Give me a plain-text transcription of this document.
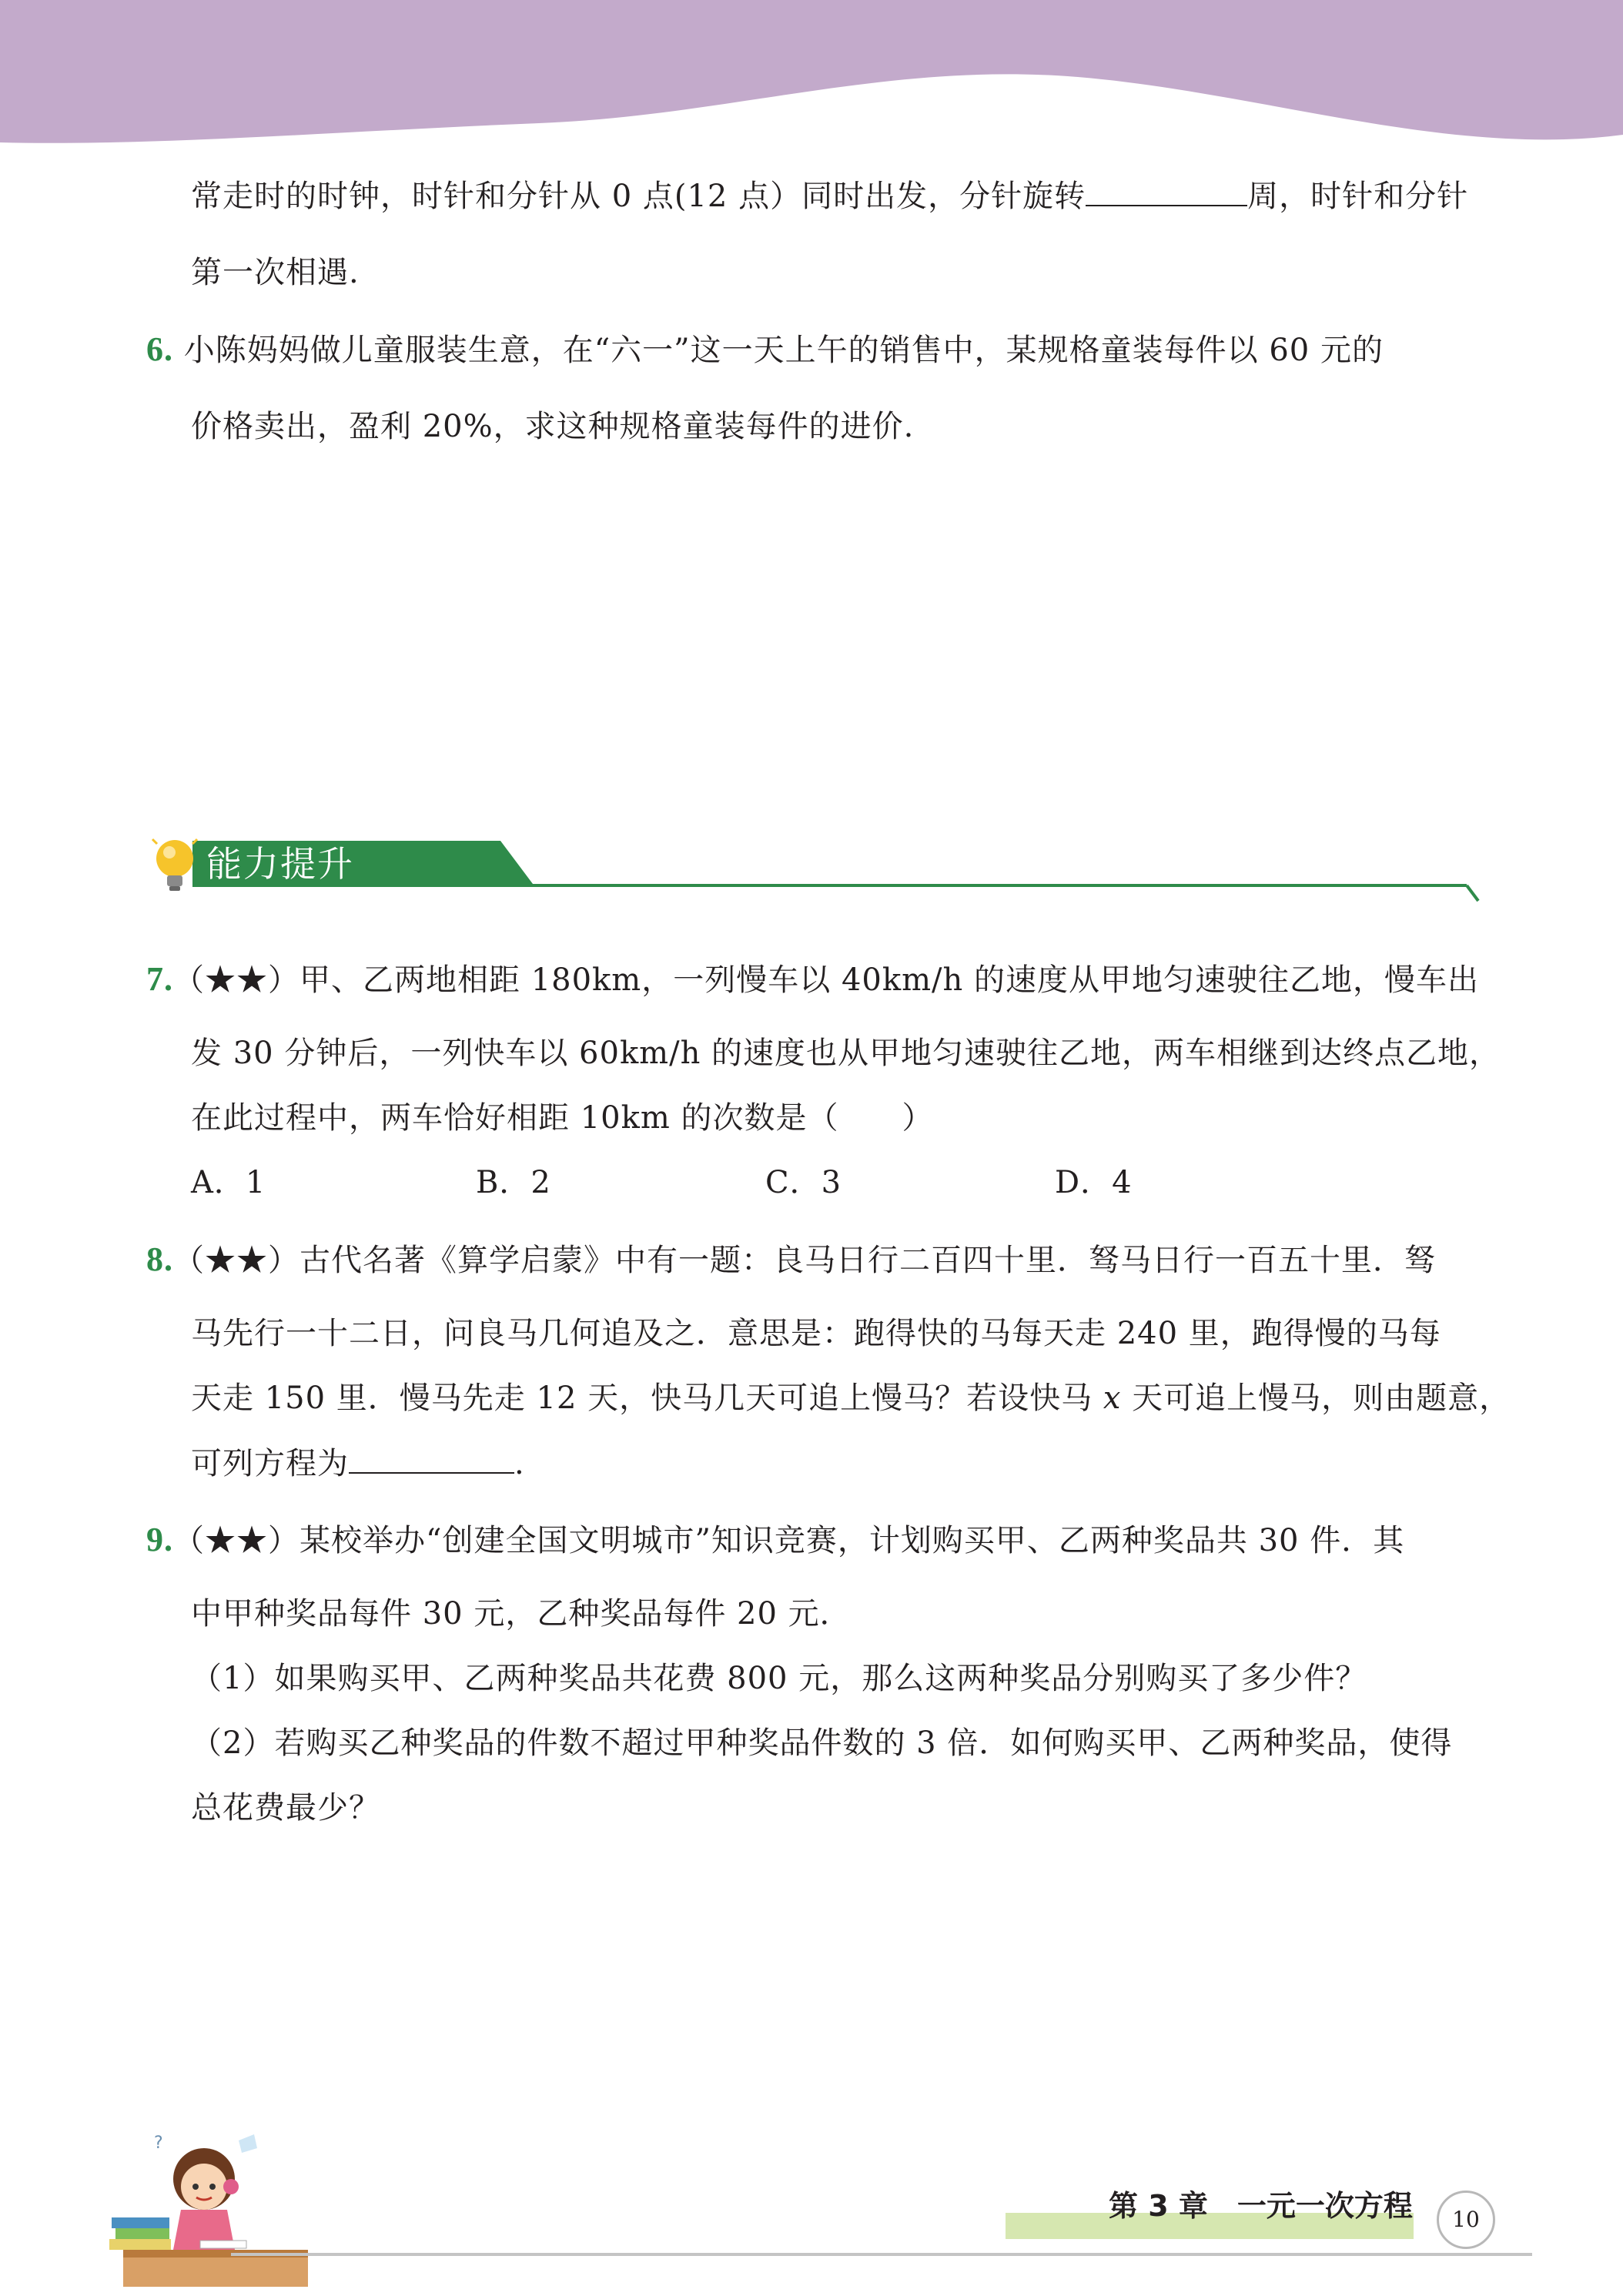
常走时的时钟，时针和分针从 0 点(12 点）同时出发，分针旋转	周，时针和分针
第一次相遇.
6. 小陈妈妈做儿童服装生意，在“六一”这一天上午的销售中，某规格童装每件以 60 元的
价格卖出，盈利 20%，求这种规格童装每件的进价.
能力提升
7.（★★）甲、乙两地相距 180km，一列慢车以 40km/h 的速度从甲地匀速驶往乙地，慢车出
发 30 分钟后，一列快车以 60km/h 的速度也从甲地匀速驶往乙地，两车相继到达终点乙地，
在此过程中，两车恰好相距 10km 的次数是（　　）
A．1	B．2	C．3	D．4
8.（★★）古代名著《算学启蒙》中有一题：良马日行二百四十里．驽马日行一百五十里．驽
马先行一十二日，问良马几何追及之．意思是：跑得快的马每天走 240 里，跑得慢的马每
天走 150 里．慢马先走 12 天，快马几天可追上慢马？若设快马 x 天可追上慢马，则由题意，
可列方程为	.
9.（★★）某校举办“创建全国文明城市”知识竞赛，计划购买甲、乙两种奖品共 30 件．其
中甲种奖品每件 30 元，乙种奖品每件 20 元．
（1）如果购买甲、乙两种奖品共花费 800 元，那么这两种奖品分别购买了多少件？
（2）若购买乙种奖品的件数不超过甲种奖品件数的 3 倍．如何购买甲、乙两种奖品，使得
总花费最少？
?
第 3 章　一元一次方程	10
